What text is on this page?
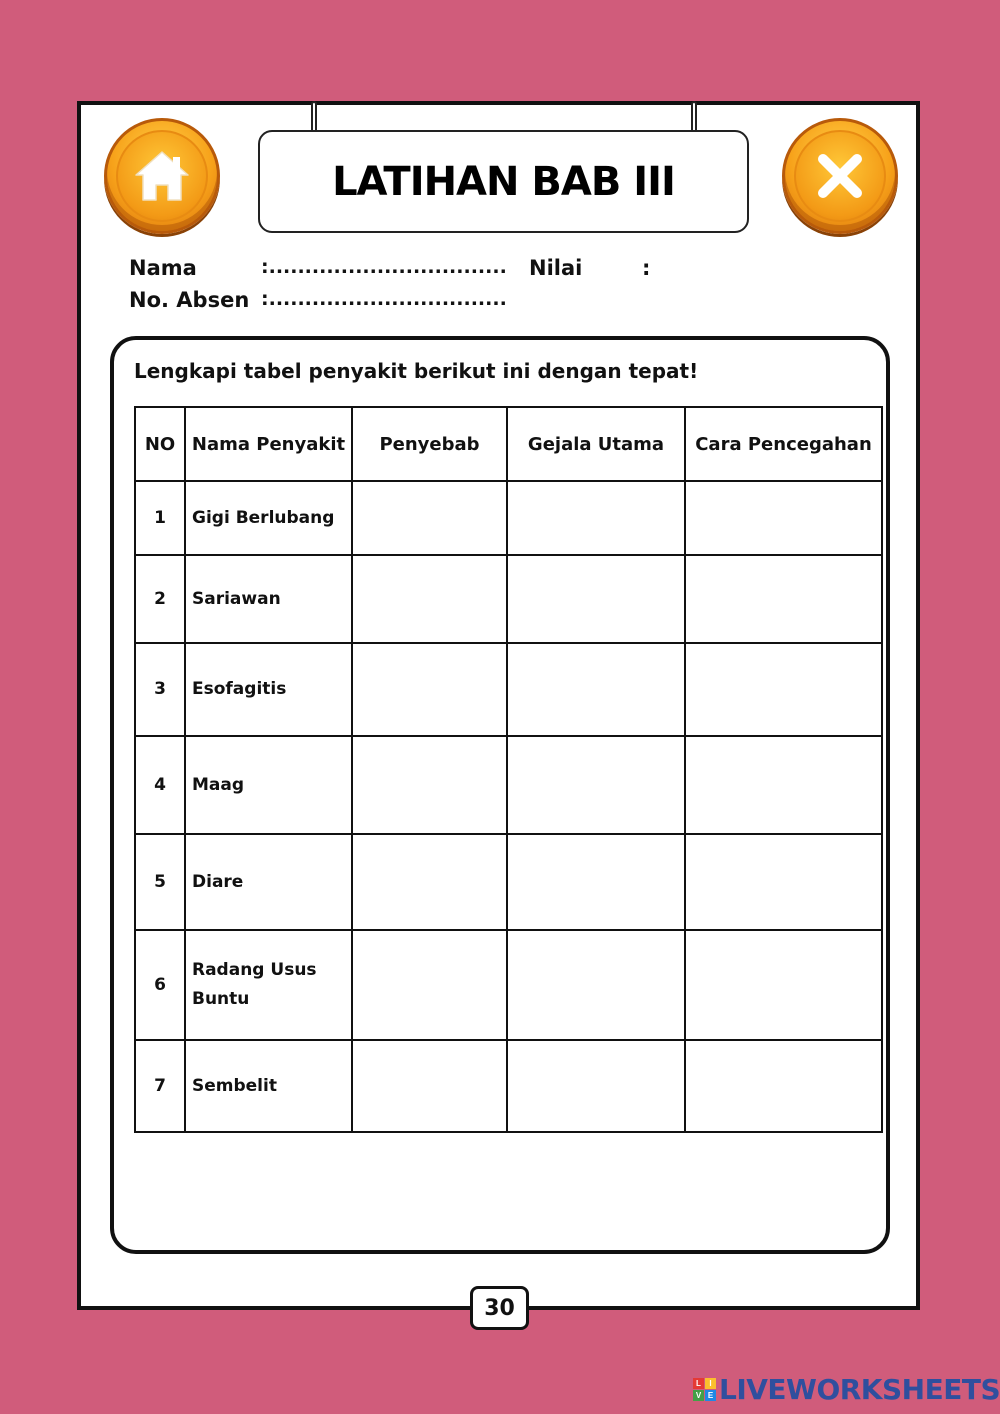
LATIHAN BAB III
Nama	:................................. Nilai	:
No. Absen :.................................
Lengkapi tabel penyakit berikut ini dengan tepat!
NO	Nama Penyakit	Penyebab	Gejala Utama	Cara Pencegahan
1	Gigi Berlubang			
2	Sariawan			
3	Esofagitis			
4	Maag			
5	Diare			
6	Radang Usus Buntu			
7	Sembelit			
30
L	I
V E LIVEWORKSHEETS
